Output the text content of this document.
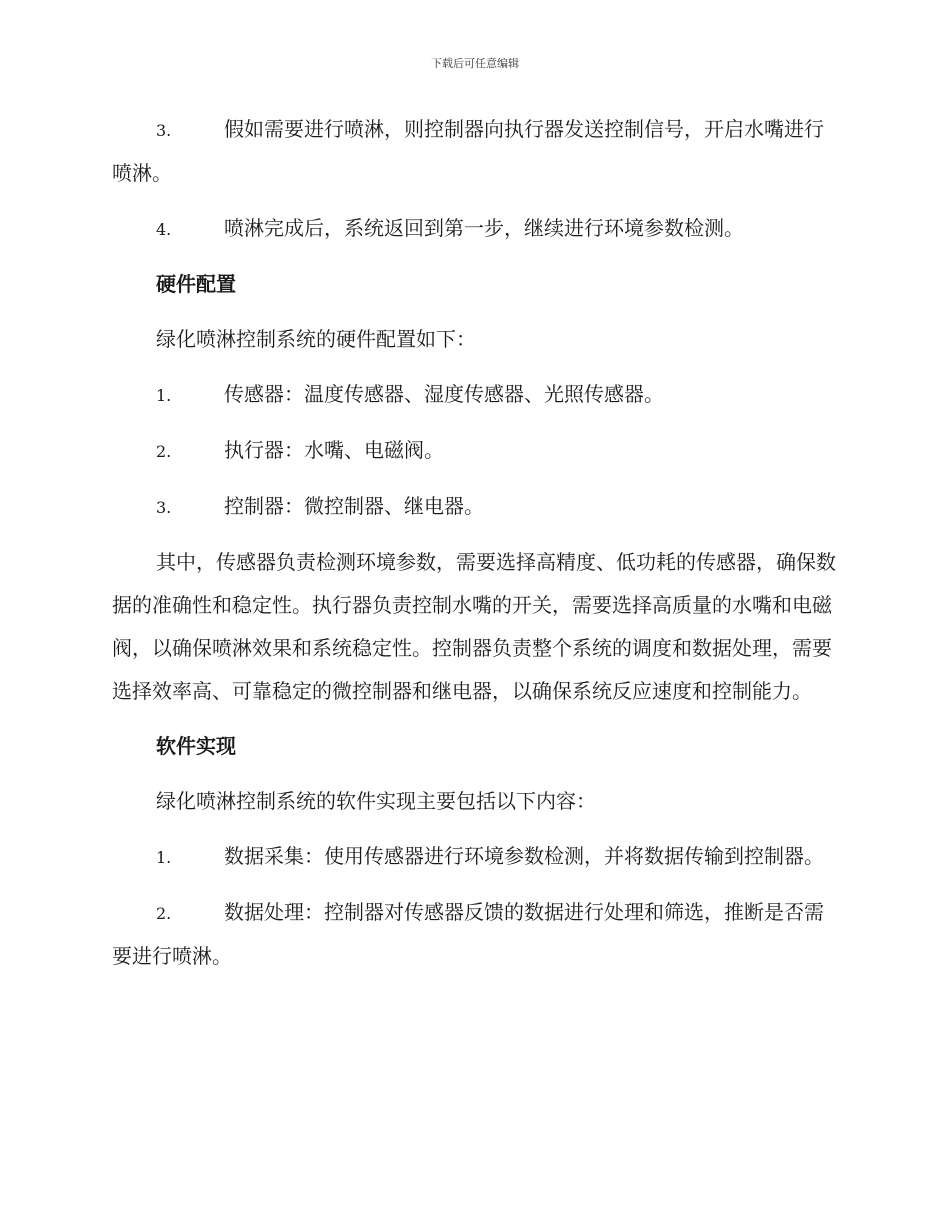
下载后可任意编辑

3.	假如需要进行喷淋，则控制器向执行器发送控制信号，开启水嘴进行喷淋。

4.	喷淋完成后，系统返回到第一步，继续进行环境参数检测。

硬件配置

绿化喷淋控制系统的硬件配置如下：

1.	传感器：温度传感器、湿度传感器、光照传感器。

2.	执行器：水嘴、电磁阀。

3.	控制器：微控制器、继电器。

其中，传感器负责检测环境参数，需要选择高精度、低功耗的传感器，确保数据的准确性和稳定性。执行器负责控制水嘴的开关，需要选择高质量的水嘴和电磁阀，以确保喷淋效果和系统稳定性。控制器负责整个系统的调度和数据处理，需要选择效率高、可靠稳定的微控制器和继电器，以确保系统反应速度和控制能力。

软件实现

绿化喷淋控制系统的软件实现主要包括以下内容：

1.	数据采集：使用传感器进行环境参数检测，并将数据传输到控制器。

2.	数据处理：控制器对传感器反馈的数据进行处理和筛选，推断是否需要进行喷淋。
